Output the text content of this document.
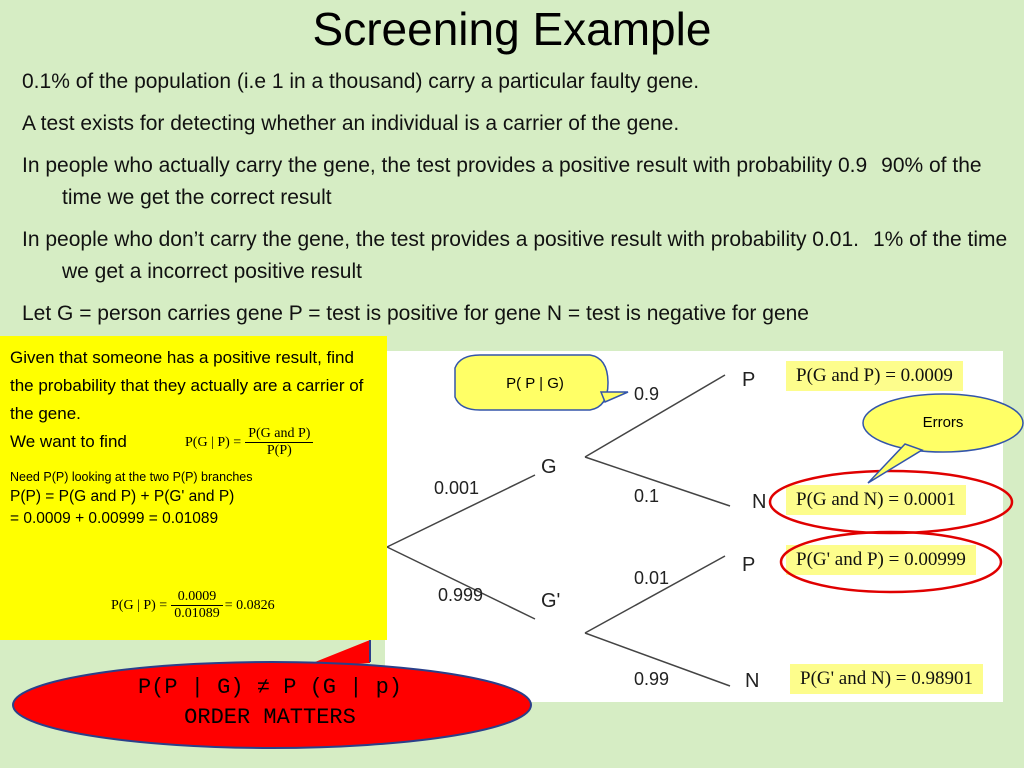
Screening Example
0.1% of the population (i.e 1 in a thousand) carry a particular faulty gene.
A test exists for detecting whether an individual is a carrier of the gene.
In people who actually carry the gene, the test provides a positive result with probability 0.9 90% of the time we get the correct result
In people who don’t carry the gene, the test provides a positive result with probability 0.01. 1% of the time we get a incorrect positive result
Let G = person carries gene P = test is positive for gene N = test is negative for gene
0.001
G
0.999	G'
0.9
P
0.1	N
0.01
P
0.99	N
P(G and P) = 0.0009
P(G and N) = 0.0001
P(G' and P) = 0.00999
P(G' and N) = 0.98901
P( P | G)
Errors
Given that someone has a positive result, find the probability that they actually are a carrier of the gene.
We want to find
Need P(P) looking at the two P(P) branches
P(P) = P(G and P) + P(G' and P)
= 0.0009 + 0.00999 = 0.01089
P(G | $P) = \frac{\text{P(G and P)}}{P(P)}$
P(G | $P) = \frac{0.0009}{0.01089} = 0.0826$
P(P | G) ≠ P (G | p)
ORDER MATTERS
